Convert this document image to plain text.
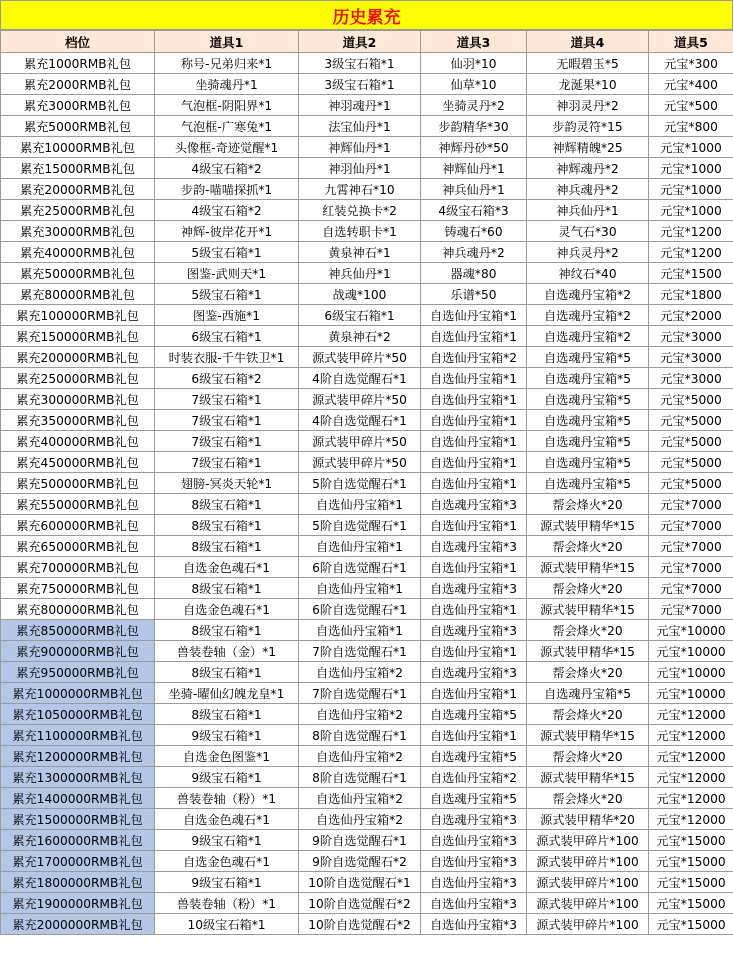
历史累充
档位	道具1	道具2	道具3	道具4	道具5
累充1000RMB礼包	称号-兄弟归来*1	3级宝石箱*1	仙羽*10	无暇碧玉*5	元宝*300
累充2000RMB礼包	坐骑魂丹*1	3级宝石箱*1	仙草*10	龙涎果*10	元宝*400
累充3000RMB礼包	气泡框-阴阳界*1	神羽魂丹*1	坐骑灵丹*2	神羽灵丹*2	元宝*500
累充5000RMB礼包	气泡框-广寒兔*1	法宝仙丹*1	步韵精华*30	步韵灵符*15	元宝*800
累充10000RMB礼包	头像框-奇迹觉醒*1	神辉仙丹*1	神辉丹砂*50	神辉精魄*25	元宝*1000
累充15000RMB礼包	4级宝石箱*2	神羽仙丹*1	神辉仙丹*1	神辉魂丹*2	元宝*1000
累充20000RMB礼包	步韵-喵喵探抓*1	九霄神石*10	神兵仙丹*1	神兵魂丹*2	元宝*1000
累充25000RMB礼包	4级宝石箱*2	红装兑换卡*2	4级宝石箱*3	神兵仙丹*1	元宝*1000
累充30000RMB礼包	神辉-彼岸花开*1	自选转职卡*1	铸魂石*60	灵气石*30	元宝*1200
累充40000RMB礼包	5级宝石箱*1	黄泉神石*1	神兵魂丹*2	神兵灵丹*2	元宝*1200
累充50000RMB礼包	图鉴-武则天*1	神兵仙丹*1	器魂*80	神纹石*40	元宝*1500
累充80000RMB礼包	5级宝石箱*1	战魂*100	乐谱*50	自选魂丹宝箱*2	元宝*1800
累充100000RMB礼包	图鉴-西施*1	6级宝石箱*1	自选仙丹宝箱*1	自选魂丹宝箱*2	元宝*2000
累充150000RMB礼包	6级宝石箱*1	黄泉神石*2	自选仙丹宝箱*1	自选魂丹宝箱*2	元宝*3000
累充200000RMB礼包	时装衣服-千牛铁卫*1	源式装甲碎片*50	自选仙丹宝箱*2	自选魂丹宝箱*5	元宝*3000
累充250000RMB礼包	6级宝石箱*2	4阶自选觉醒石*1	自选仙丹宝箱*1	自选魂丹宝箱*5	元宝*3000
累充300000RMB礼包	7级宝石箱*1	源式装甲碎片*50	自选仙丹宝箱*1	自选魂丹宝箱*5	元宝*5000
累充350000RMB礼包	7级宝石箱*1	4阶自选觉醒石*1	自选仙丹宝箱*1	自选魂丹宝箱*5	元宝*5000
累充400000RMB礼包	7级宝石箱*1	源式装甲碎片*50	自选仙丹宝箱*1	自选魂丹宝箱*5	元宝*5000
累充450000RMB礼包	7级宝石箱*1	源式装甲碎片*50	自选仙丹宝箱*1	自选魂丹宝箱*5	元宝*5000
累充500000RMB礼包	翅膀-冥炎天轮*1	5阶自选觉醒石*1	自选仙丹宝箱*1	自选魂丹宝箱*5	元宝*5000
累充550000RMB礼包	8级宝石箱*1	自选仙丹宝箱*1	自选魂丹宝箱*3	帮会烽火*20	元宝*7000
累充600000RMB礼包	8级宝石箱*1	5阶自选觉醒石*1	自选仙丹宝箱*1	源式装甲精华*15	元宝*7000
累充650000RMB礼包	8级宝石箱*1	自选仙丹宝箱*1	自选魂丹宝箱*3	帮会烽火*20	元宝*7000
累充700000RMB礼包	自选金色魂石*1	6阶自选觉醒石*1	自选仙丹宝箱*1	源式装甲精华*15	元宝*7000
累充750000RMB礼包	8级宝石箱*1	自选仙丹宝箱*1	自选魂丹宝箱*3	帮会烽火*20	元宝*7000
累充800000RMB礼包	自选金色魂石*1	6阶自选觉醒石*1	自选仙丹宝箱*1	源式装甲精华*15	元宝*7000
累充850000RMB礼包	8级宝石箱*1	自选仙丹宝箱*1	自选魂丹宝箱*3	帮会烽火*20	元宝*10000
累充900000RMB礼包	兽装卷轴（金）*1	7阶自选觉醒石*1	自选仙丹宝箱*1	源式装甲精华*15	元宝*10000
累充950000RMB礼包	8级宝石箱*1	自选仙丹宝箱*2	自选魂丹宝箱*3	帮会烽火*20	元宝*10000
累充1000000RMB礼包	坐骑-曜仙幻魄龙皇*1	7阶自选觉醒石*1	自选仙丹宝箱*1	自选魂丹宝箱*5	元宝*10000
累充1050000RMB礼包	8级宝石箱*1	自选仙丹宝箱*2	自选魂丹宝箱*5	帮会烽火*20	元宝*12000
累充1100000RMB礼包	9级宝石箱*1	8阶自选觉醒石*1	自选仙丹宝箱*1	源式装甲精华*15	元宝*12000
累充1200000RMB礼包	自选金色图鉴*1	自选仙丹宝箱*2	自选魂丹宝箱*5	帮会烽火*20	元宝*12000
累充1300000RMB礼包	9级宝石箱*1	8阶自选觉醒石*1	自选仙丹宝箱*2	源式装甲精华*15	元宝*12000
累充1400000RMB礼包	兽装卷轴（粉）*1	自选仙丹宝箱*2	自选魂丹宝箱*5	帮会烽火*20	元宝*12000
累充1500000RMB礼包	自选金色魂石*1	自选仙丹宝箱*2	自选魂丹宝箱*3	源式装甲精华*20	元宝*12000
累充1600000RMB礼包	9级宝石箱*1	9阶自选觉醒石*1	自选仙丹宝箱*3	源式装甲碎片*100	元宝*15000
累充1700000RMB礼包	自选金色魂石*1	9阶自选觉醒石*2	自选仙丹宝箱*3	源式装甲碎片*100	元宝*15000
累充1800000RMB礼包	9级宝石箱*1	10阶自选觉醒石*1	自选仙丹宝箱*3	源式装甲碎片*100	元宝*15000
累充1900000RMB礼包	兽装卷轴（粉）*1	10阶自选觉醒石*2	自选仙丹宝箱*3	源式装甲碎片*100	元宝*15000
累充2000000RMB礼包	10级宝石箱*1	10阶自选觉醒石*2	自选仙丹宝箱*3	源式装甲碎片*100	元宝*15000
